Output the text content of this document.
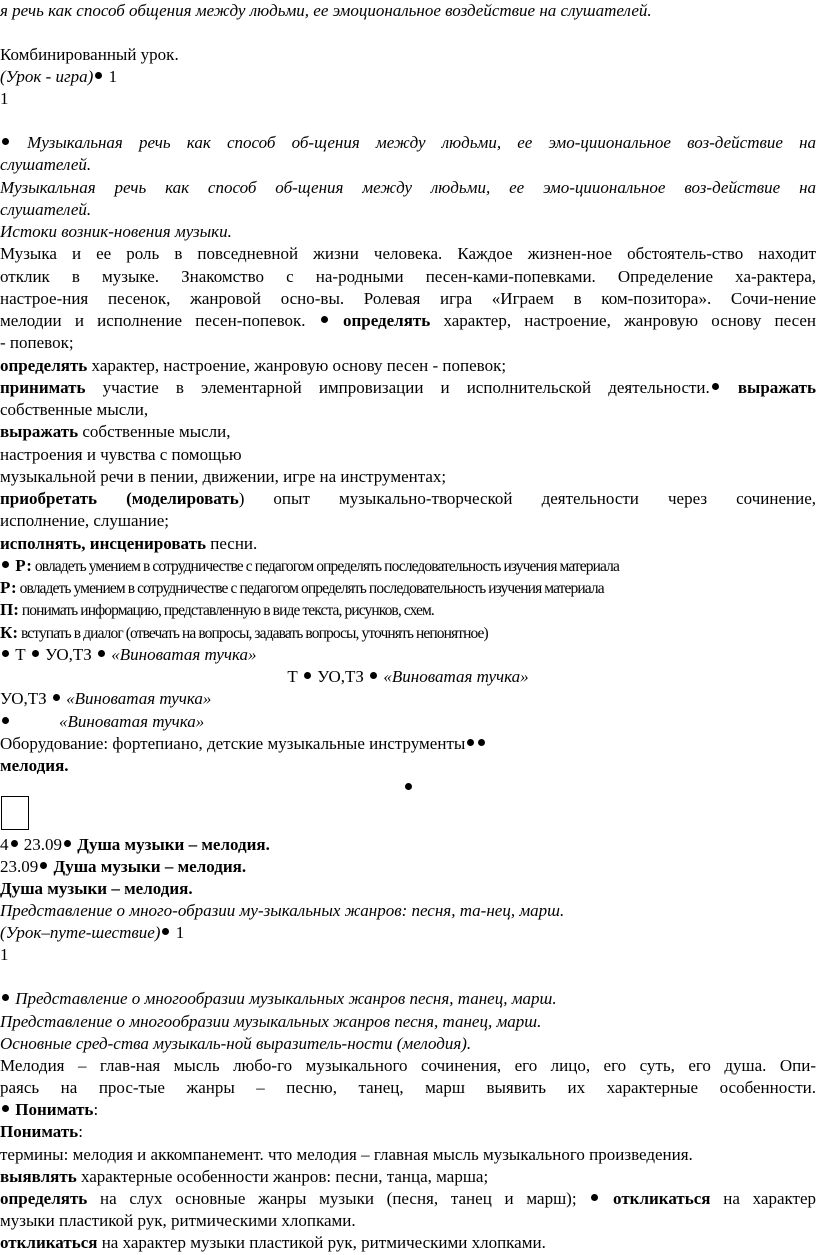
я речь как способ общения между людьми, ее эмоциональное воздействие на слушателей.
Комбинированный урок.
(Урок - игра) 1
1
Музыкальная речь как способ об-щения между людьми, ее эмо-цииональное воз-действие на
слушателей.
Музыкальная речь как способ об-щения между людьми, ее эмо-цииональное воз-действие на
слушателей.
Истоки возник-новения музыки.
Музыка и ее роль в повседневной жизни человека. Каждое жизнен-ное обстоятель-ство находит
отклик в музыке. Знакомство с на-родными песен-ками-попевками. Определение ха-рактера,
настрое-ния песенок, жанровой осно-вы. Ролевая игра «Играем в ком-позитора». Сочи-нение
мелодии и исполнение песен-попевок.  определять характер, настроение, жанровую основу песен
- попевок;
определять характер, настроение, жанровую основу песен - попевок;
принимать участие в элементарной импровизации и исполнительской деятельности. выражать
собственные мысли,
выражать собственные мысли,
настроения и чувства с помощью
музыкальной речи в пении, движении, игре на инструментах;
приобретать (моделировать) опыт музыкально-творческой деятельности через сочинение,
исполнение, слушание;
исполнять, инсценировать песни.
Р: овладеть умением в сотрудничестве с педагогом определять последовательность изучения материала
Р: овладеть умением в сотрудничестве с педагогом определять последовательность изучения материала
П: понимать информацию, представленную в виде текста, рисунков, схем.
К: вступать в диалог (отвечать на вопросы, задавать вопросы, уточнять непонятное)
Т  УО,ТЗ  «Виноватая тучка»
Т  УО,ТЗ  «Виноватая тучка»
УО,ТЗ  «Виноватая тучка»
«Виноватая тучка»
Оборудование: фортепиано, детские музыкальные инструменты
мелодия.
4 23.09 Душа музыки – мелодия.
23.09 Душа музыки – мелодия.
Душа музыки – мелодия.
Представление о много-образии му-зыкальных жанров: песня, та-нец, марш.
(Урок–путе-шествие) 1
1
Представление о многообразии музыкальных жанров песня, танец, марш.
Представление о многообразии музыкальных жанров песня, танец, марш.
Основные сред-ства музыкаль-ной выразитель-ности (мелодия).
Мелодия – глав-ная мысль любо-го музыкального сочинения, его лицо, его суть, его душа. Опи-
раясь на прос-тые жанры – песню, танец, марш выявить их характерные особенности.
Понимать:
Понимать:
термины: мелодия и аккомпанемент. что мелодия – главная мысль музыкального произведения.
выявлять характерные особенности жанров: песни, танца, марша;
определять на слух основные жанры музыки (песня, танец и марш);  откликаться на характер
музыки пластикой рук, ритмическими хлопками.
откликаться на характер музыки пластикой рук, ритмическими хлопками.
